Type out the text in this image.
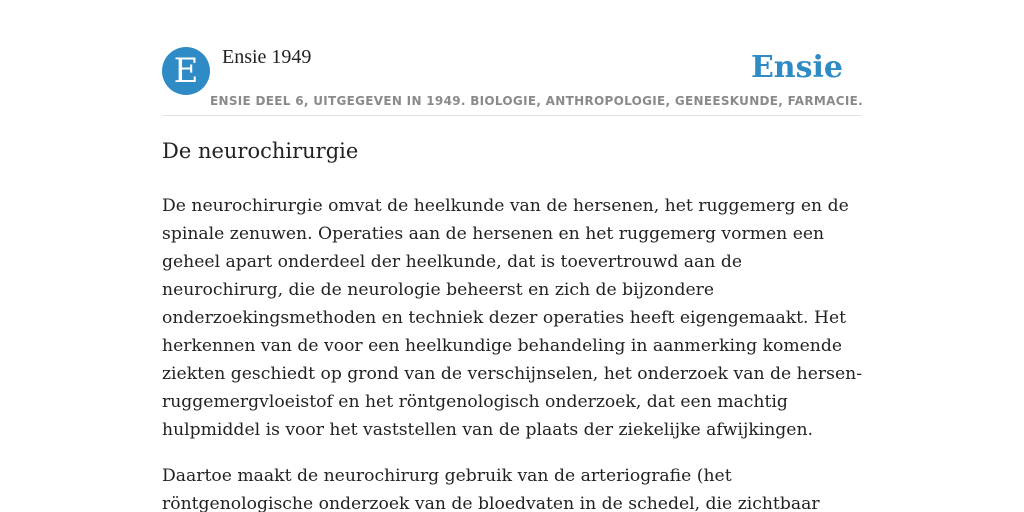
E	Ensie 1949	Ensie
ENSIE DEEL 6, UITGEGEVEN IN 1949. BIOLOGIE, ANTHROPOLOGIE, GENEESKUNDE, FARMACIE.
De neurochirurgie

De neurochirurgie omvat de heelkunde van de hersenen, het ruggemerg en de spinale zenuwen. Operaties aan de hersenen en het ruggemerg vormen een geheel apart onderdeel der heelkunde, dat is toevertrouwd aan de neurochirurg, die de neurologie beheerst en zich de bijzondere onderzoekingsmethoden en techniek dezer operaties heeft eigengemaakt. Het herkennen van de voor een heelkundige behandeling in aanmerking komende ziekten geschiedt op grond van de verschijnselen, het onderzoek van de hersen-ruggemergvloeistof en het röntgenologisch onderzoek, dat een machtig hulpmiddel is voor het vaststellen van de plaats der ziekelijke afwijkingen.

Daartoe maakt de neurochirurg gebruik van de arteriografie (het röntgenologische onderzoek van de bloedvaten in de schedel, die zichtbaar
